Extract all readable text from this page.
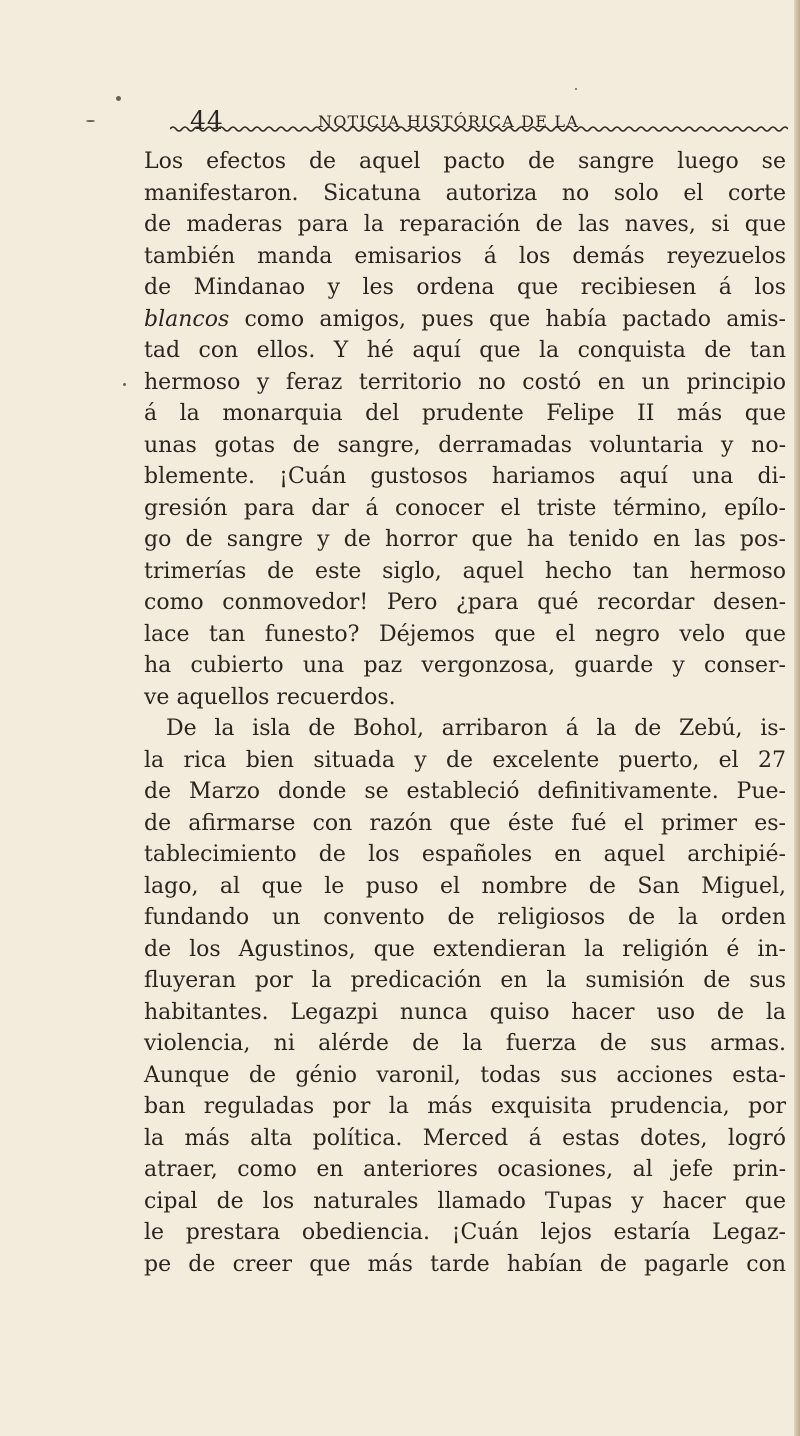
44	NOTICIA HISTÓRICA DE LA
Los efectos de aquel pacto de sangre luego se
manifestaron. Sicatuna autoriza no solo el corte
de maderas para la reparación de las naves, si que
también manda emisarios á los demás reyezuelos
de Mindanao y les ordena que recibiesen á los
blancos como amigos, pues que había pactado amis-
tad con ellos. Y hé aquí que la conquista de tan
hermoso y feraz territorio no costó en un principio
á la monarquia del prudente Felipe II más que
unas gotas de sangre, derramadas voluntaria y no-
blemente. ¡Cuán gustosos hariamos aquí una di-
gresión para dar á conocer el triste término, epílo-
go de sangre y de horror que ha tenido en las pos-
trimerías de este siglo, aquel hecho tan hermoso
como conmovedor! Pero ¿para qué recordar desen-
lace tan funesto? Déjemos que el negro velo que
ha cubierto una paz vergonzosa, guarde y conser-
ve aquellos recuerdos.
De la isla de Bohol, arribaron á la de Zebú, is-
la rica bien situada y de excelente puerto, el 27
de Marzo donde se estableció definitivamente. Pue-
de afirmarse con razón que éste fué el primer es-
tablecimiento de los españoles en aquel archipié-
lago, al que le puso el nombre de San Miguel,
fundando un convento de religiosos de la orden
de los Agustinos, que extendieran la religión é in-
fluyeran por la predicación en la sumisión de sus
habitantes. Legazpi nunca quiso hacer uso de la
violencia, ni alérde de la fuerza de sus armas.
Aunque de génio varonil, todas sus acciones esta-
ban reguladas por la más exquisita prudencia, por
la más alta política. Merced á estas dotes, logró
atraer, como en anteriores ocasiones, al jefe prin-
cipal de los naturales llamado Tupas y hacer que
le prestara obediencia. ¡Cuán lejos estaría Legaz-
pe de creer que más tarde habían de pagarle con
